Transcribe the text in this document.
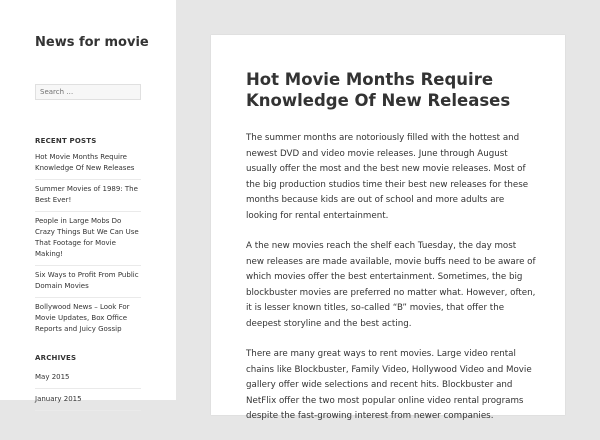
News for movie
Search …
RECENT POSTS
Hot Movie Months Require Knowledge Of New Releases
Summer Movies of 1989: The Best Ever!
People in Large Mobs Do Crazy Things But We Can Use That Footage for Movie Making!
Six Ways to Profit From Public Domain Movies
Bollywood News – Look For Movie Updates, Box Office Reports and Juicy Gossip
ARCHIVES
May 2015
January 2015
Hot Movie Months Require Knowledge Of New Releases

The summer months are notoriously filled with the hottest and newest DVD and video movie releases. June through August usually offer the most and the best new movie releases. Most of the big production studios time their best new releases for these months because kids are out of school and more adults are looking for rental entertainment.

A the new movies reach the shelf each Tuesday, the day most new releases are made available, movie buffs need to be aware of which movies offer the best entertainment. Sometimes, the big blockbuster movies are preferred no matter what. However, often, it is lesser known titles, so-called “B” movies, that offer the deepest storyline and the best acting.

There are many great ways to rent movies. Large video rental chains like Blockbuster, Family Video, Hollywood Video and Movie gallery offer wide selections and recent hits. Blockbuster and NetFlix offer the two most popular online video rental programs despite the fast-growing interest from newer companies.
